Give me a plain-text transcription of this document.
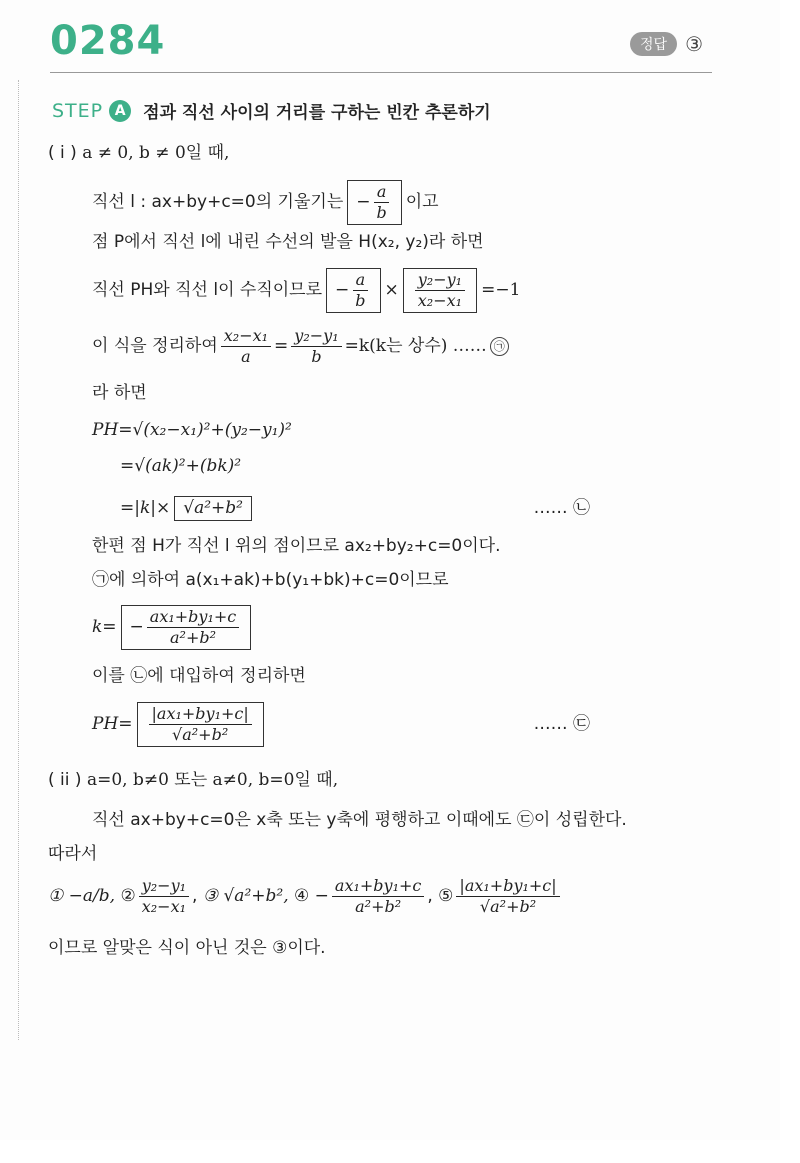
0284	정답 ③
STEP A	점과 직선 사이의 거리를 구하는 빈칸 추론하기
( i )
a ≠ 0, b ≠ 0일 때,
직선 l : ax+by+c=0의 기울기는 − $\frac{a}{b}$ 이고
점 P에서 직선 l에 내린 수선의 발을 H(x₂, y₂)라 하면
직선 PH와 직선 l이 수직이므로 − $\frac{a}{b} \times \frac{\text{y₂−y₁}}{\text{x₂−x₁}} =-1$
이 식을 정리하여 $\frac{\text{x₂−x₁}}{a} = \frac{\text{y₂−y₁}}{b} =k(k$는 상수) …… ㉠
라 하면
PH=√(x₂−x₁)²+(y₂−y₁)²
=√(ak)²+(bk)²
=|k|× √a²+b²	…… ㉡
한편 점 H가 직선 l 위의 점이므로 ax₂+by₂+c=0이다.
㉠에 의하여 a(x₁+ak)+b(y₁+bk)+c=0이므로
$k= - \frac{\text{ax₁+by₁+c}}{\text{a²+b²}}$
이를 ㉡에 대입하여 정리하면
$PH= \frac{\text{|ax₁+by₁+c|}}{\text{√a²+b²}}$	…… ㉢
( ii )
a=0, b≠0 또는 a≠0, b=0일 때,
직선 ax+by+c=0은 x축 또는 y축에 평행하고 이때에도 ㉢이 성립한다.
따라서
① −a/b,
② $\frac{\text{y₂−y₁}}{\text{x₂−x₁}}$ , ③ √a²+b²,
④ − $\frac{\text{ax₁+by₁+c}}{\text{a²+b²}}$ , ⑤ $\frac{\text{|ax₁+by₁+c|}}{\text{√a²+b²}}$
이므로 알맞은 식이 아닌 것은 ③이다.
